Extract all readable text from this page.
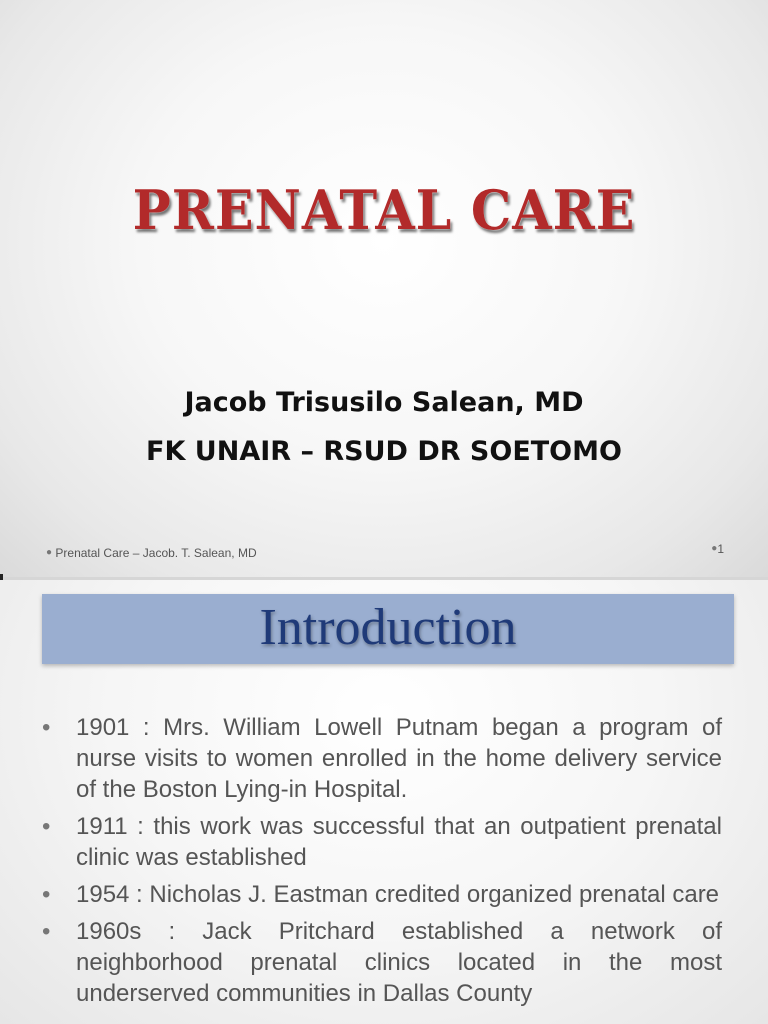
PRENATAL CARE
Jacob Trisusilo Salean, MD
FK UNAIR – RSUD DR SOETOMO
● Prenatal Care – Jacob. T. Salean, MD	●1
Introduction
• 1901 : Mrs. William Lowell Putnam began a program of nurse visits to women enrolled in the home delivery service of the Boston Lying-in Hospital.
• 1911 : this work was successful that an outpatient prenatal clinic was established
• 1954 : Nicholas J. Eastman credited organized prenatal care
• 1960s : Jack Pritchard established a network of neighborhood prenatal clinics located in the most underserved communities in Dallas County
